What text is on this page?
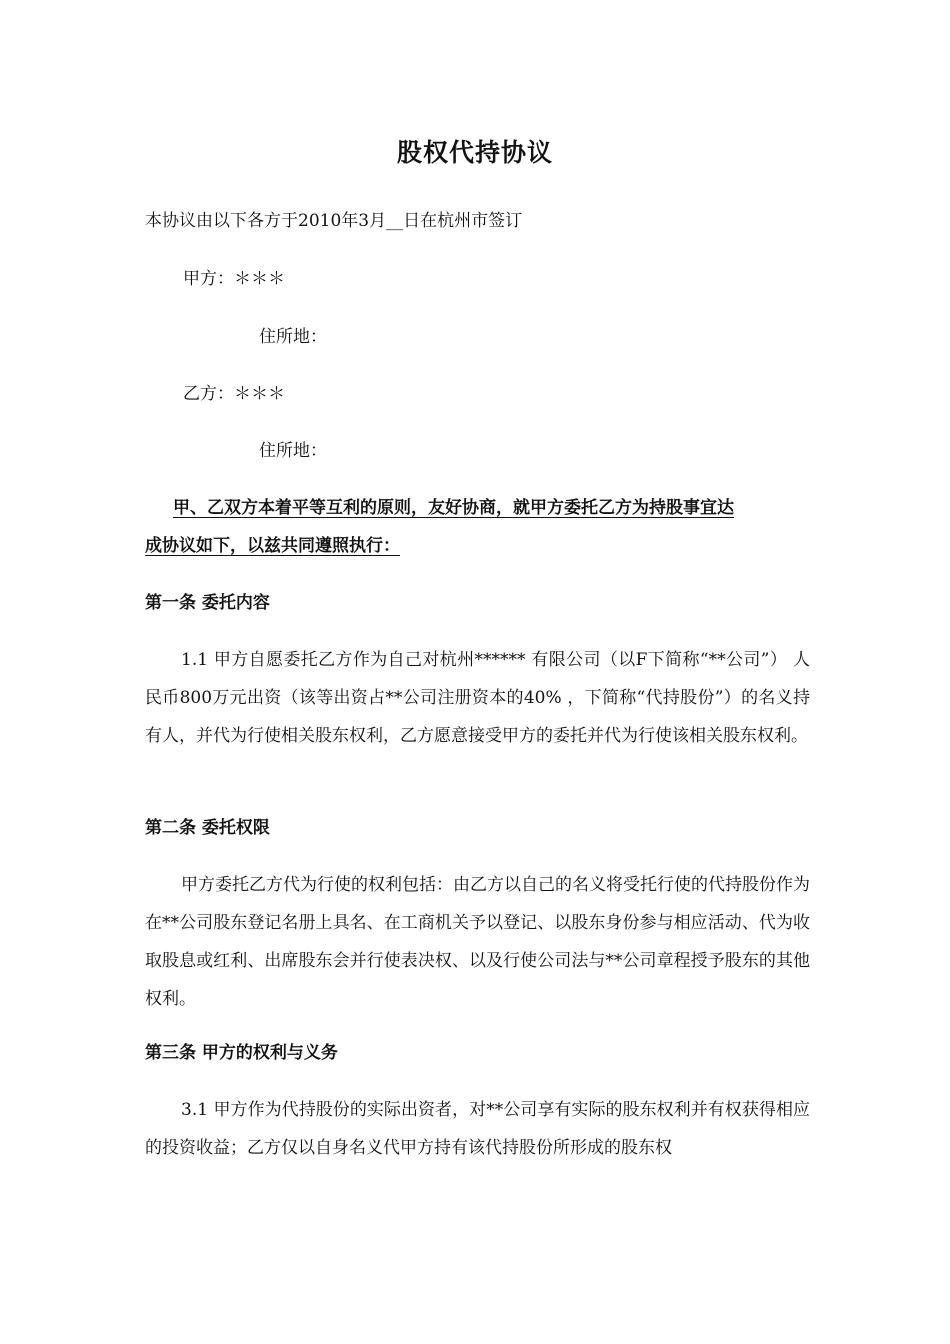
股权代持协议
本协议由以下各方于2010年3月__日在杭州市签订
甲方：＊＊＊
住所地：
乙方：＊＊＊
住所地：
甲、乙双方本着平等互利的原则，友好协商，就甲方委托乙方为持股事宜达
成协议如下，以兹共同遵照执行：
第一条 委托内容
1.1 甲方自愿委托乙方作为自己对杭州****** 有限公司（以F下简称“**公司”） 人民币800万元出资（该等出资占**公司注册资本的40% ，下简称“代持股份”）的名义持有人，并代为行使相关股东权利，乙方愿意接受甲方的委托并代为行使该相关股东权利。
第二条 委托权限
甲方委托乙方代为行使的权利包括：由乙方以自己的名义将受托行使的代持股份作为在**公司股东登记名册上具名、在工商机关予以登记、以股东身份参与相应活动、代为收取股息或红利、出席股东会并行使表决权、以及行使公司法与**公司章程授予股东的其他权利。
第三条 甲方的权利与义务
3.1 甲方作为代持股份的实际出资者，对**公司享有实际的股东权利并有权获得相应的投资收益；乙方仅以自身名义代甲方持有该代持股份所形成的股东权
